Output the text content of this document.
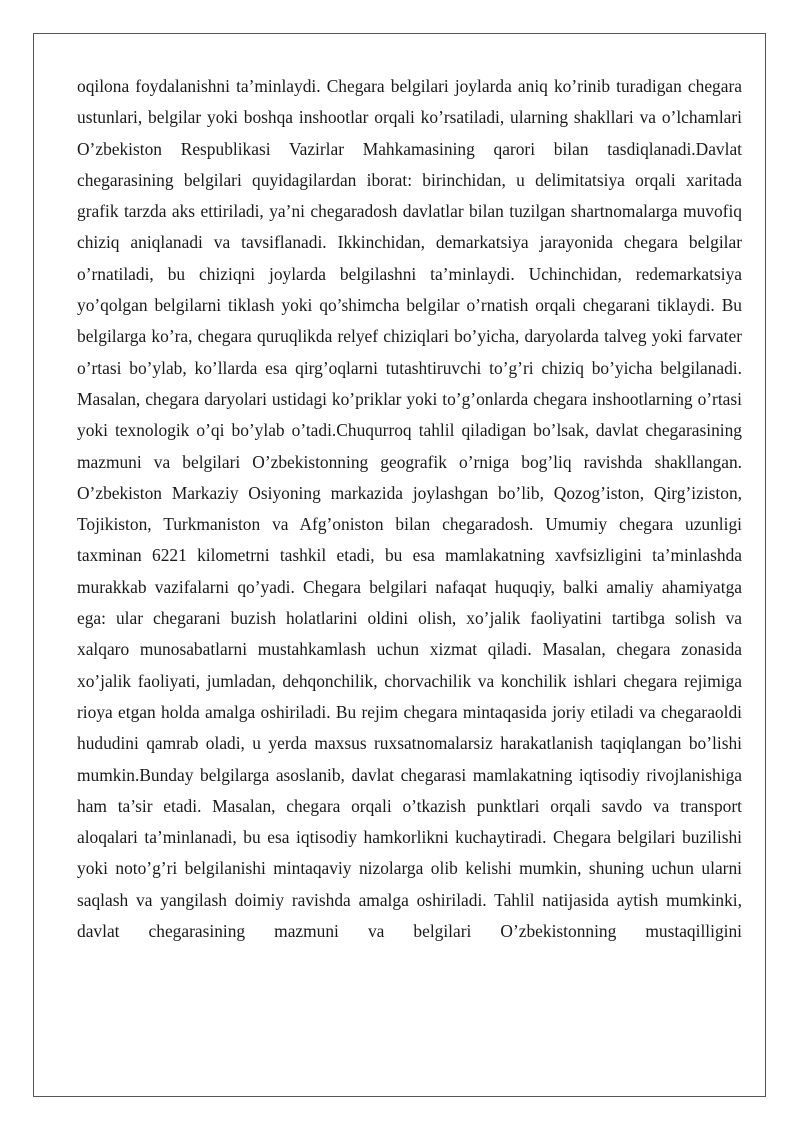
oqilona foydalanishni ta’minlaydi. Chegara belgilari joylarda aniq ko’rinib turadigan chegara ustunlari, belgilar yoki boshqa inshootlar orqali ko’rsatiladi, ularning shakllari va o’lchamlari O’zbekiston Respublikasi Vazirlar Mahkamasining qarori bilan tasdiqlanadi.Davlat chegarasining belgilari quyidagilardan iborat: birinchidan, u delimitatsiya orqali xaritada grafik tarzda aks ettiriladi, ya’ni chegaradosh davlatlar bilan tuzilgan shartnomalarga muvofiq chiziq aniqlanadi va tavsiflanadi. Ikkinchidan, demarkatsiya jarayonida chegara belgilar o’rnatiladi, bu chiziqni joylarda belgilashni ta’minlaydi. Uchinchidan, redemarkatsiya yo’qolgan belgilarni tiklash yoki qo’shimcha belgilar o’rnatish orqali chegarani tiklaydi. Bu belgilarga ko’ra, chegara quruqlikda relyef chiziqlari bo’yicha, daryolarda talveg yoki farvater o’rtasi bo’ylab, ko’llarda esa qirg’oqlarni tutashtiruvchi to’g’ri chiziq bo’yicha belgilanadi. Masalan, chegara daryolari ustidagi ko’priklar yoki to’g’onlarda chegara inshootlarning o’rtasi yoki texnologik o’qi bo’ylab o’tadi.Chuqurroq tahlil qiladigan bo’lsak, davlat chegarasining mazmuni va belgilari O’zbekistonning geografik o’rniga bog’liq ravishda shakllangan. O’zbekiston Markaziy Osiyoning markazida joylashgan bo’lib, Qozog’iston, Qirg’iziston, Tojikiston, Turkmaniston va Afg’oniston bilan chegaradosh. Umumiy chegara uzunligi taxminan 6221 kilometrni tashkil etadi, bu esa mamlakatning xavfsizligini ta’minlashda murakkab vazifalarni qo’yadi. Chegara belgilari nafaqat huquqiy, balki amaliy ahamiyatga ega: ular chegarani buzish holatlarini oldini olish, xo’jalik faoliyatini tartibga solish va xalqaro munosabatlarni mustahkamlash uchun xizmat qiladi. Masalan, chegara zonasida xo’jalik faoliyati, jumladan, dehqonchilik, chorvachilik va konchilik ishlari chegara rejimiga rioya etgan holda amalga oshiriladi. Bu rejim chegara mintaqasida joriy etiladi va chegaraoldi hududini qamrab oladi, u yerda maxsus ruxsatnomalarsiz harakatlanish taqiqlangan bo’lishi mumkin.Bunday belgilarga asoslanib, davlat chegarasi mamlakatning iqtisodiy rivojlanishiga ham ta’sir etadi. Masalan, chegara orqali o’tkazish punktlari orqali savdo va transport aloqalari ta’minlanadi, bu esa iqtisodiy hamkorlikni kuchaytiradi. Chegara belgilari buzilishi yoki noto’g’ri belgilanishi mintaqaviy nizolarga olib kelishi mumkin, shuning uchun ularni saqlash va yangilash doimiy ravishda amalga oshiriladi. Tahlil natijasida aytish mumkinki, davlat chegarasining mazmuni va belgilari O’zbekistonning mustaqilligini
